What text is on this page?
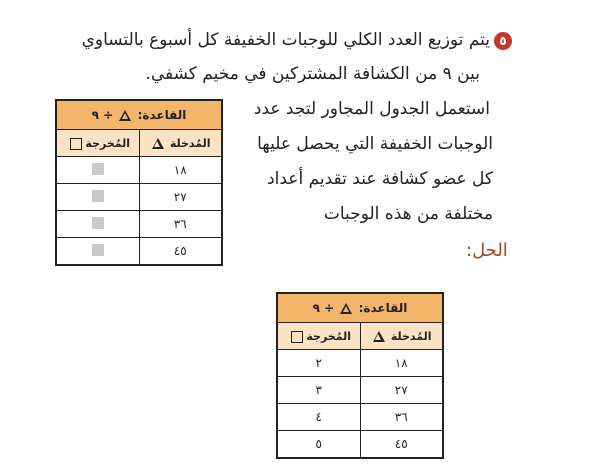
٥
يتم توزيع العدد الكلي للوجبات الخفيفة كل أسبوع بالتساوي
بين ٩ من الكشافة المشتركين في مخيم كشفي.
استعمل الجدول المجاور لتجد عدد
الوجبات الخفيفة التي يحصل عليها
كل عضو كشافة عند تقديم أعداد
مختلفة من هذه الوجبات
الحل:
القاعدة:  ÷ ٩	
المُدخلة	المُخرجة
١٨	
٢٧	
٣٦	
٤٥	
القاعدة:  ÷ ٩	
المُدخلة	المُخرجة
١٨	٢
٢٧	٣
٣٦	٤
٤٥	٥
